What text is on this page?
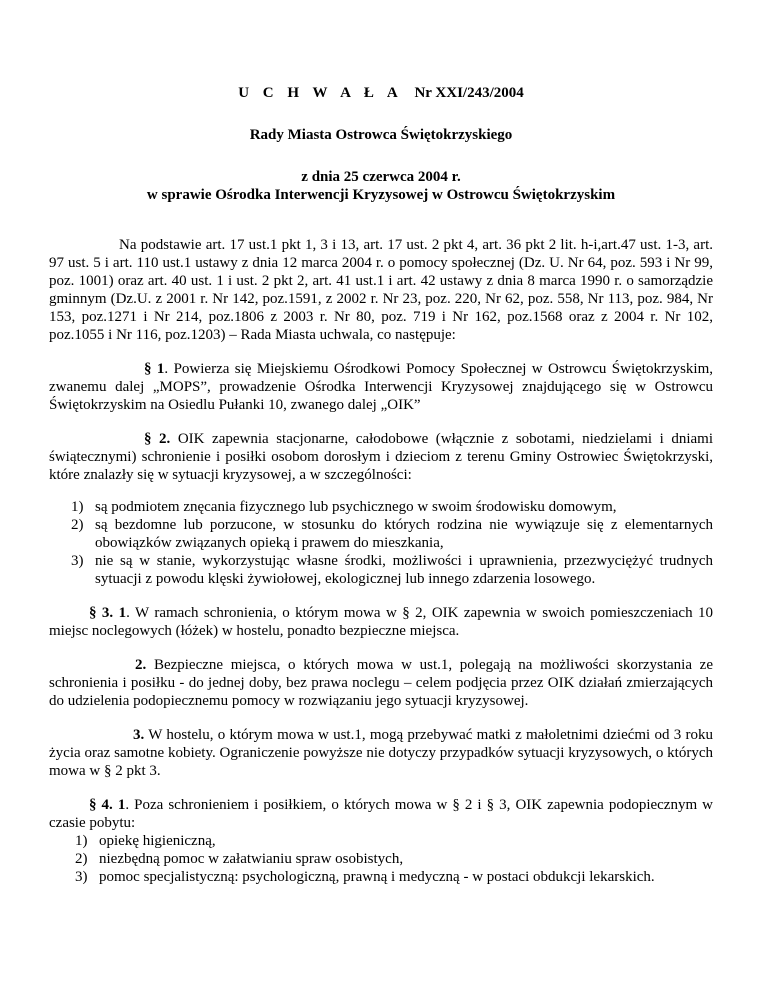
U C H W A Ł A Nr XXI/243/2004
Rady Miasta Ostrowca Świętokrzyskiego
z dnia 25 czerwca 2004 r.
w sprawie Ośrodka Interwencji Kryzysowej w Ostrowcu Świętokrzyskim

Na podstawie art. 17 ust.1 pkt 1, 3 i 13, art. 17 ust. 2 pkt 4, art. 36 pkt 2 lit. h-i,art.47 ust. 1-3, art. 97 ust. 5 i art. 110 ust.1 ustawy z dnia 12 marca 2004 r. o pomocy społecznej (Dz. U. Nr 64, poz. 593 i Nr 99, poz. 1001) oraz art. 40 ust. 1 i ust. 2 pkt 2, art. 41 ust.1 i art. 42 ustawy z dnia 8 marca 1990 r. o samorządzie gminnym (Dz.U. z 2001 r. Nr 142, poz.1591, z 2002 r. Nr 23, poz. 220, Nr 62, poz. 558, Nr 113, poz. 984, Nr 153, poz.1271 i Nr 214, poz.1806 z 2003 r. Nr 80, poz. 719 i Nr 162, poz.1568 oraz z 2004 r. Nr 102, poz.1055 i Nr 116, poz.1203) – Rada Miasta uchwala, co następuje:

§ 1. Powierza się Miejskiemu Ośrodkowi Pomocy Społecznej w Ostrowcu Świętokrzyskim, zwanemu dalej „MOPS”, prowadzenie Ośrodka Interwencji Kryzysowej znajdującego się w Ostrowcu Świętokrzyskim na Osiedlu Pułanki 10, zwanego dalej „OIK”

§ 2. OIK zapewnia stacjonarne, całodobowe (włącznie z sobotami, niedzielami i dniami świątecznymi) schronienie i posiłki osobom dorosłym i dzieciom z terenu Gminy Ostrowiec Świętokrzyski, które znalazły się w sytuacji kryzysowej, a w szczególności:

1) są podmiotem znęcania fizycznego lub psychicznego w swoim środowisku domowym,
2) są bezdomne lub porzucone, w stosunku do których rodzina nie wywiązuje się z elementarnych obowiązków związanych opieką i prawem do mieszkania,
3) nie są w stanie, wykorzystując własne środki, możliwości i uprawnienia, przezwyciężyć trudnych sytuacji z powodu klęski żywiołowej, ekologicznej lub innego zdarzenia losowego.

§ 3. 1. W ramach schronienia, o którym mowa w § 2, OIK zapewnia w swoich pomieszczeniach 10 miejsc noclegowych (łóżek) w hostelu, ponadto bezpieczne miejsca.

2. Bezpieczne miejsca, o których mowa w ust.1, polegają na możliwości skorzystania ze schronienia i posiłku - do jednej doby, bez prawa noclegu – celem podjęcia przez OIK działań zmierzających do udzielenia podopiecznemu pomocy w rozwiązaniu jego sytuacji kryzysowej.

3. W hostelu, o którym mowa w ust.1, mogą przebywać matki z małoletnimi dziećmi od 3 roku życia oraz samotne kobiety. Ograniczenie powyższe nie dotyczy przypadków sytuacji kryzysowych, o których mowa w § 2 pkt 3.

§ 4. 1. Poza schronieniem i posiłkiem, o których mowa w § 2 i § 3, OIK zapewnia podopiecznym w czasie pobytu:

1) opiekę higieniczną,
2) niezbędną pomoc w załatwianiu spraw osobistych,
3) pomoc specjalistyczną: psychologiczną, prawną i medyczną - w postaci obdukcji lekarskich.
